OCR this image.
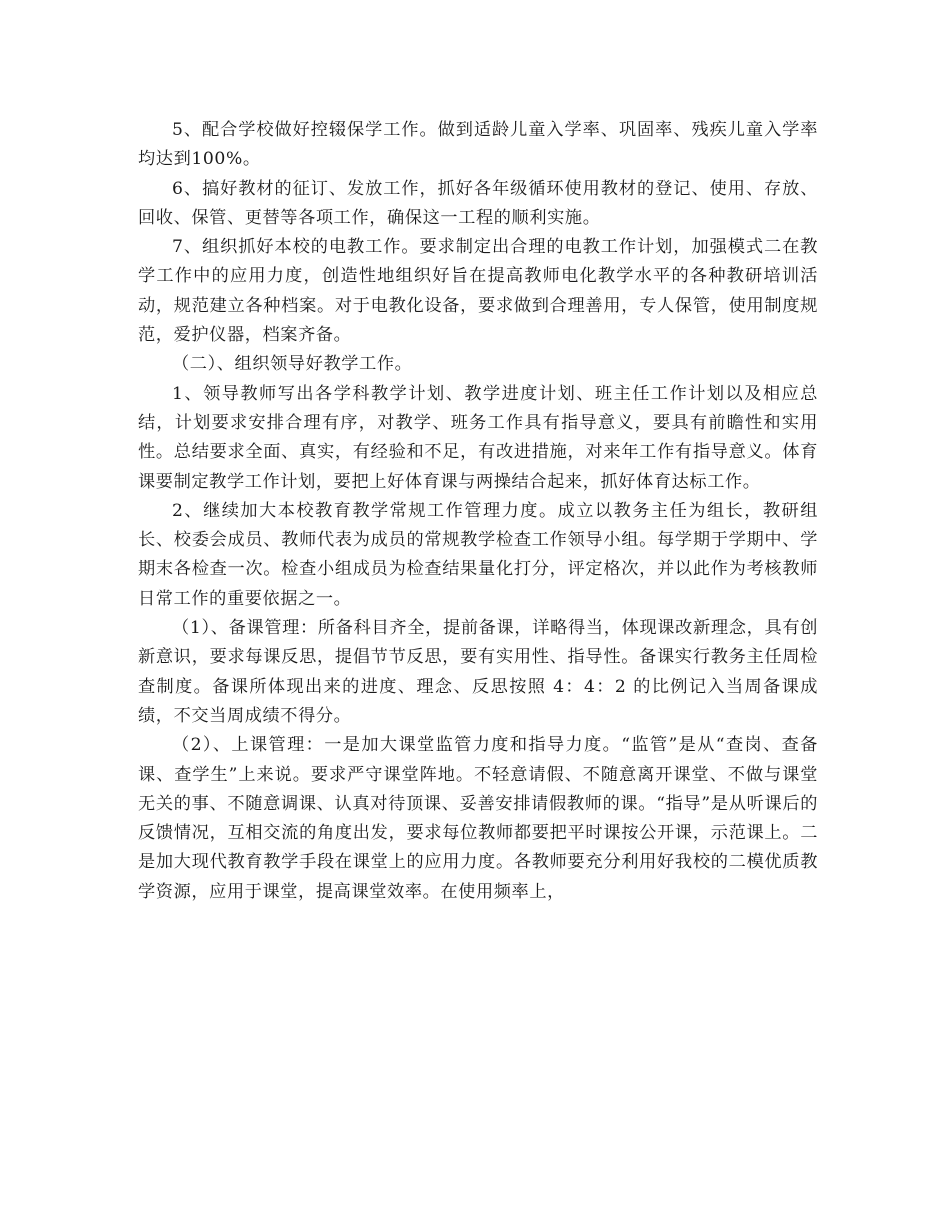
5、配合学校做好控辍保学工作。做到适龄儿童入学率、巩固率、残疾儿童入学率均达到100%。

6、搞好教材的征订、发放工作，抓好各年级循环使用教材的登记、使用、存放、回收、保管、更替等各项工作，确保这一工程的顺利实施。

7、组织抓好本校的电教工作。要求制定出合理的电教工作计划，加强模式二在教学工作中的应用力度，创造性地组织好旨在提高教师电化教学水平的各种教研培训活动，规范建立各种档案。对于电教化设备，要求做到合理善用，专人保管，使用制度规范，爱护仪器，档案齐备。

（二）、组织领导好教学工作。

1、领导教师写出各学科教学计划、教学进度计划、班主任工作计划以及相应总结，计划要求安排合理有序，对教学、班务工作具有指导意义，要具有前瞻性和实用性。总结要求全面、真实，有经验和不足，有改进措施，对来年工作有指导意义。体育课要制定教学工作计划，要把上好体育课与两操结合起来，抓好体育达标工作。

2、继续加大本校教育教学常规工作管理力度。成立以教务主任为组长，教研组长、校委会成员、教师代表为成员的常规教学检查工作领导小组。每学期于学期中、学期末各检查一次。检查小组成员为检查结果量化打分，评定格次，并以此作为考核教师日常工作的重要依据之一。

（1）、备课管理：所备科目齐全，提前备课，详略得当，体现课改新理念，具有创新意识，要求每课反思，提倡节节反思，要有实用性、指导性。备课实行教务主任周检查制度。备课所体现出来的进度、理念、反思按照 4：4：2 的比例记入当周备课成绩，不交当周成绩不得分。

（2）、上课管理：一是加大课堂监管力度和指导力度。“监管”是从“查岗、查备课、查学生”上来说。要求严守课堂阵地。不轻意请假、不随意离开课堂、不做与课堂无关的事、不随意调课、认真对待顶课、妥善安排请假教师的课。“指导”是从听课后的反馈情况，互相交流的角度出发，要求每位教师都要把平时课按公开课，示范课上。二是加大现代教育教学手段在课堂上的应用力度。各教师要充分利用好我校的二模优质教学资源，应用于课堂，提高课堂效率。在使用频率上，
